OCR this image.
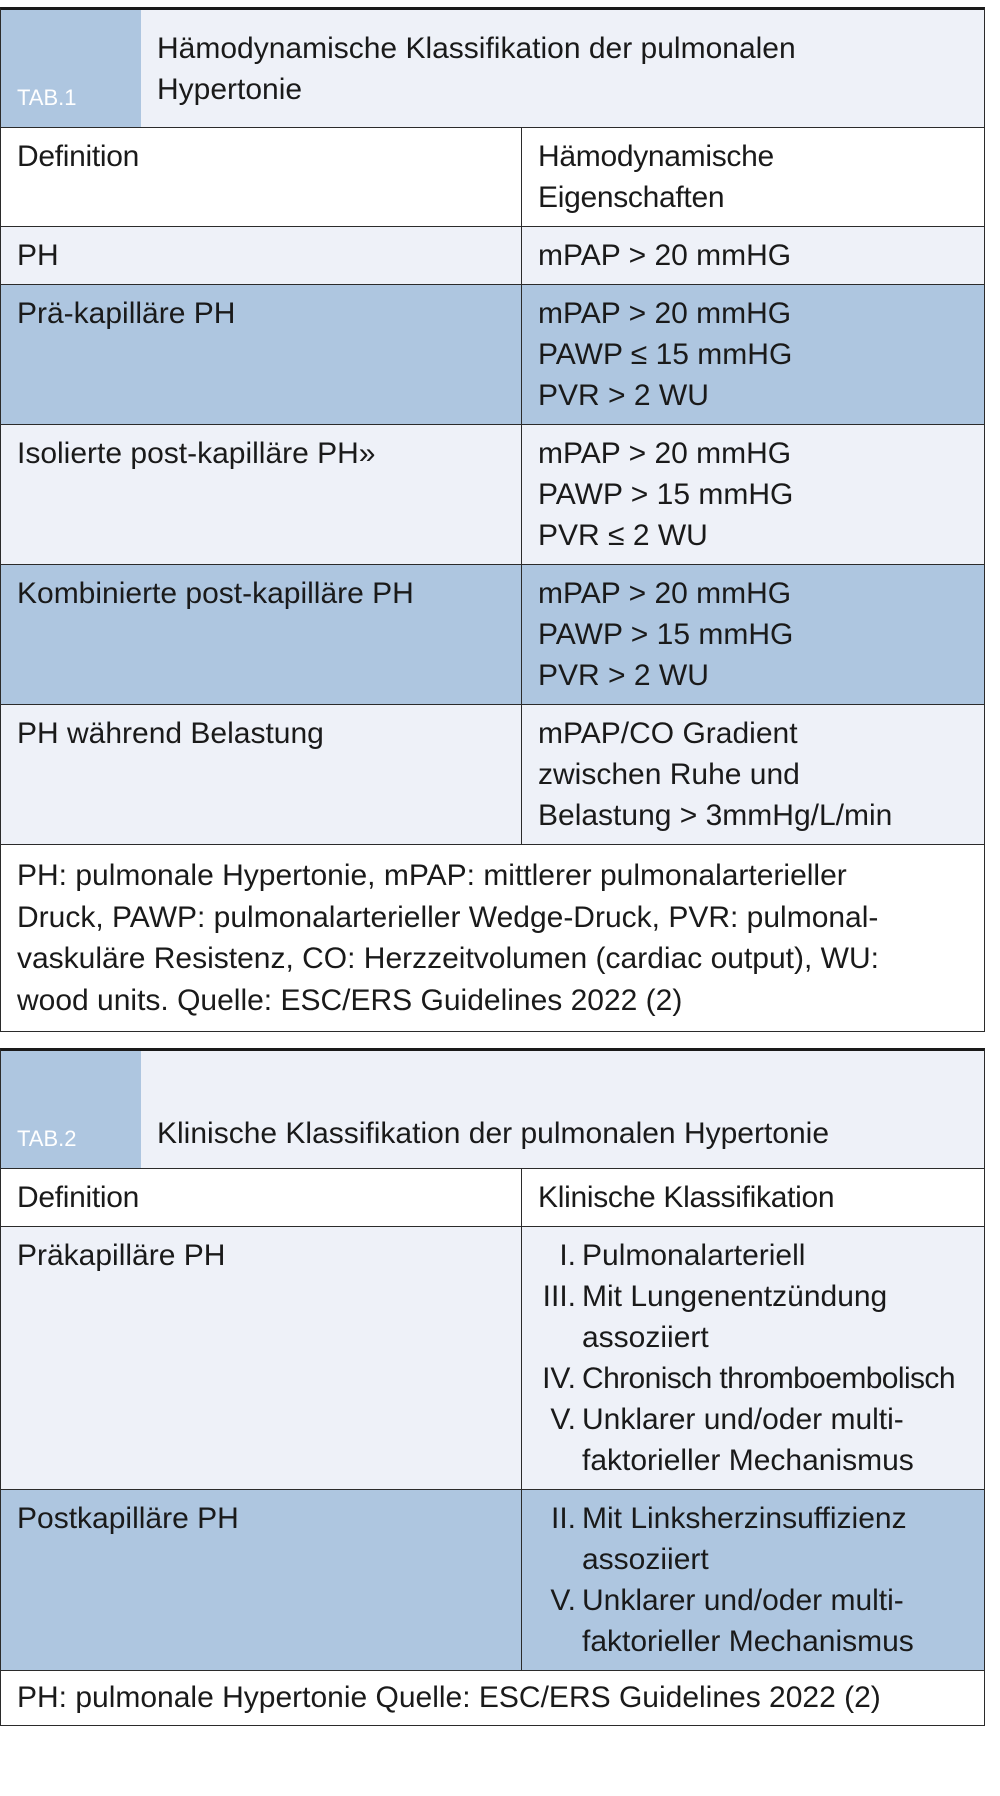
TAB.1
Hämodynamische Klassifikation der pulmonalen
Hypertonie
Definition	Hämodynamische Eigenschaften
PH	mPAP > 20 mmHG
Prä-kapilläre PH	mPAP > 20 mmHG
PAWP ≤ 15 mmHG
PVR > 2 WU
Isolierte post-kapilläre PH»	mPAP > 20 mmHG
PAWP > 15 mmHG
PVR ≤ 2 WU
Kombinierte post-kapilläre PH	mPAP > 20 mmHG
PAWP > 15 mmHG
PVR > 2 WU
PH während Belastung	mPAP/CO Gradient
zwischen Ruhe und
Belastung > 3mmHg/L/min
PH: pulmonale Hypertonie, mPAP: mittlerer pulmonalarterieller
Druck, PAWP: pulmonalarterieller Wedge-Druck, PVR: pulmonal-
vaskuläre Resistenz, CO: Herzzeitvolumen (cardiac output), WU:
wood units. Quelle: ESC/ERS Guidelines 2022 (2)
TAB.2	Klinische Klassifikation der pulmonalen Hypertonie
Definition	Klinische Klassifikation
Präkapilläre PH	I. Pulmonalarteriell
III. Mit Lungenentzündung
assoziiert
IV. Chronisch thromboembolisch
V. Unklarer und/oder multi-
faktorieller Mechanismus
Postkapilläre PH	II. Mit Linksherzinsuffizienz
assoziiert
V. Unklarer und/oder multi-
faktorieller Mechanismus
PH: pulmonale Hypertonie Quelle: ESC/ERS Guidelines 2022 (2)
